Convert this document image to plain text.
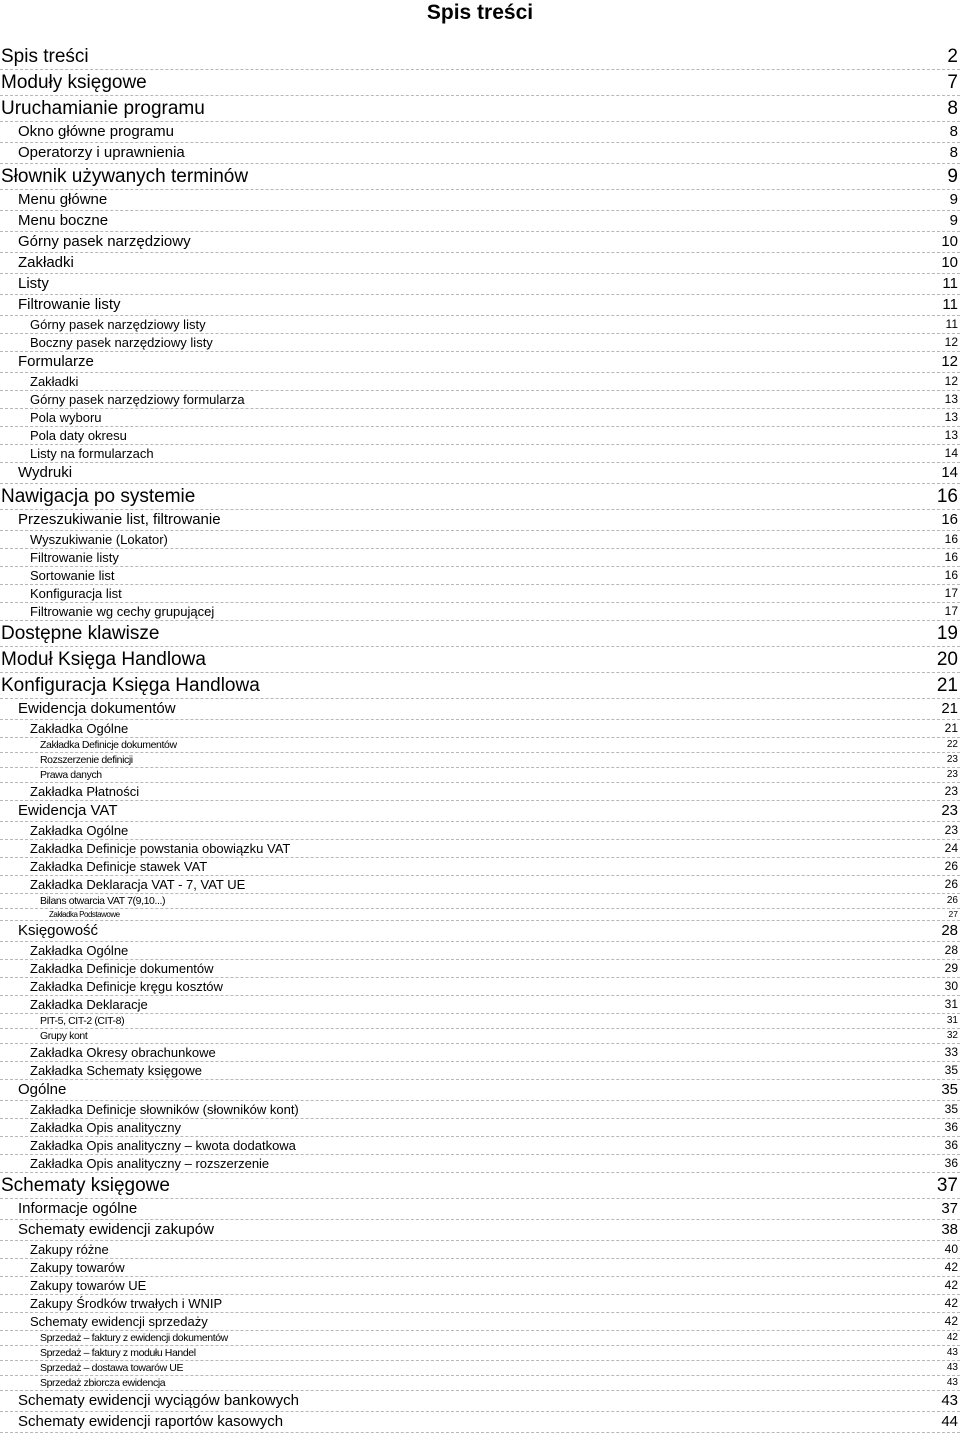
Spis treści
Spis treści	2
Moduły księgowe	7
Uruchamianie programu	8
Okno główne programu	8
Operatorzy i uprawnienia	8
Słownik używanych terminów	9
Menu główne	9
Menu boczne	9
Górny pasek narzędziowy	10
Zakładki	10
Listy	11
Filtrowanie listy	11
Górny pasek narzędziowy listy	11
Boczny pasek narzędziowy listy	12
Formularze	12
Zakładki	12
Górny pasek narzędziowy formularza	13
Pola wyboru	13
Pola daty okresu	13
Listy na formularzach	14
Wydruki	14
Nawigacja po systemie	16
Przeszukiwanie list, filtrowanie	16
Wyszukiwanie (Lokator)	16
Filtrowanie listy	16
Sortowanie list	16
Konfiguracja list	17
Filtrowanie wg cechy grupującej	17
Dostępne klawisze	19
Moduł Księga Handlowa	20
Konfiguracja Księga Handlowa	21
Ewidencja dokumentów	21
Zakładka Ogólne	21
Zakładka Definicje dokumentów	22
Rozszerzenie definicji	23
Prawa danych	23
Zakładka Płatności	23
Ewidencja VAT	23
Zakładka Ogólne	23
Zakładka Definicje powstania obowiązku VAT	24
Zakładka Definicje stawek VAT	26
Zakładka Deklaracja VAT - 7, VAT UE	26
Bilans otwarcia VAT 7(9,10...)	26
Zakładka Podstawowe	27
Księgowość	28
Zakładka Ogólne	28
Zakładka Definicje dokumentów	29
Zakładka Definicje kręgu kosztów	30
Zakładka Deklaracje	31
PIT-5, CIT-2 (CIT-8)	31
Grupy kont	32
Zakładka Okresy obrachunkowe	33
Zakładka Schematy księgowe	35
Ogólne	35
Zakładka Definicje słowników (słowników kont)	35
Zakładka Opis analityczny	36
Zakładka Opis analityczny – kwota dodatkowa	36
Zakładka Opis analityczny – rozszerzenie	36
Schematy księgowe	37
Informacje ogólne	37
Schematy ewidencji zakupów	38
Zakupy różne	40
Zakupy towarów	42
Zakupy towarów UE	42
Zakupy Środków trwałych i WNIP	42
Schematy ewidencji sprzedaży	42
Sprzedaż – faktury z ewidencji dokumentów	42
Sprzedaż – faktury z modułu Handel	43
Sprzedaż – dostawa towarów UE	43
Sprzedaż zbiorcza ewidencja	43
Schematy ewidencji wyciągów bankowych	43
Schematy ewidencji raportów kasowych	44
